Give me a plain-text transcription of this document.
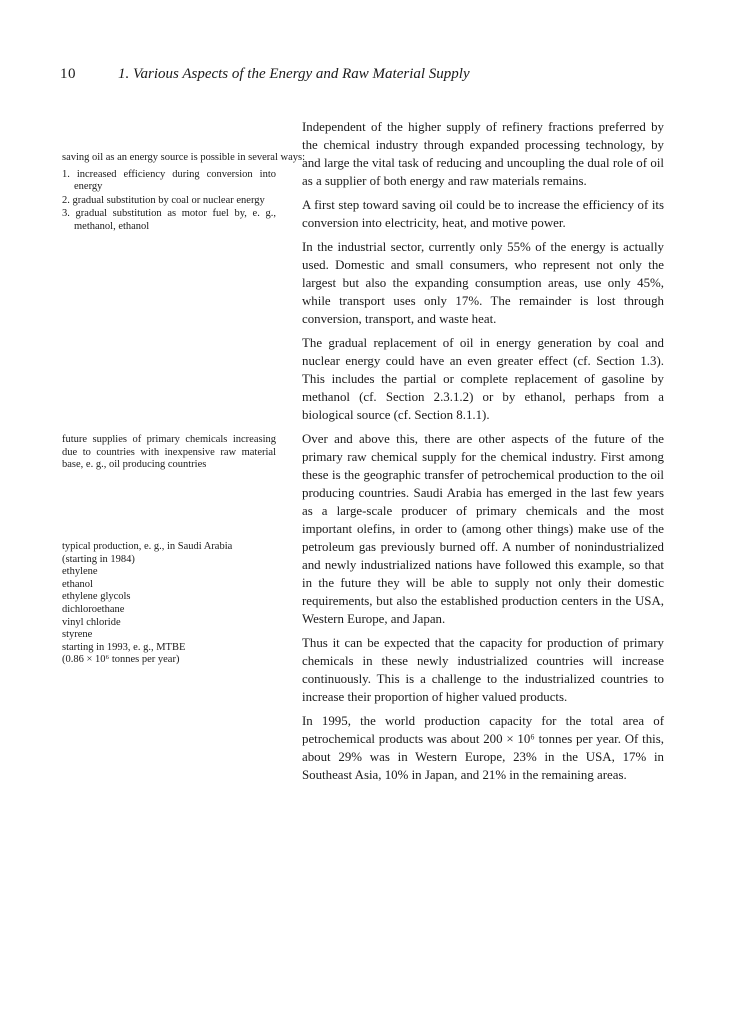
10	1. Various Aspects of the Energy and Raw Material Supply

saving oil as an energy source is possible in several ways:

1. increased efficiency during conversion into energy
2. gradual substitution by coal or nuclear energy
3. gradual substitution as motor fuel by, e. g., methanol, ethanol

future supplies of primary chemicals increasing due to countries with inexpensive raw material base, e. g., oil producing countries

typical production, e. g., in Saudi Arabia
(starting in 1984)
ethylene
ethanol
ethylene glycols
dichloroethane
vinyl chloride
styrene
starting in 1993, e. g., MTBE
(0.86 × 10⁶ tonnes per year)

Independent of the higher supply of refinery fractions preferred by the chemical industry through expanded processing technology, by and large the vital task of reducing and uncoupling the dual role of oil as a supplier of both energy and raw materials remains.

A first step toward saving oil could be to increase the efficiency of its conversion into electricity, heat, and motive power.

In the industrial sector, currently only 55% of the energy is actually used. Domestic and small consumers, who represent not only the largest but also the expanding consumption areas, use only 45%, while transport uses only 17%. The remainder is lost through conversion, transport, and waste heat.

The gradual replacement of oil in energy generation by coal and nuclear energy could have an even greater effect (cf. Section 1.3). This includes the partial or complete replacement of gasoline by methanol (cf. Section 2.3.1.2) or by ethanol, perhaps from a biological source (cf. Section 8.1.1).

Over and above this, there are other aspects of the future of the primary raw chemical supply for the chemical industry. First among these is the geographic transfer of petrochemical production to the oil producing countries. Saudi Arabia has emerged in the last few years as a large-scale producer of primary chemicals and the most important olefins, in order to (among other things) make use of the petroleum gas previously burned off. A number of nonindustrialized and newly industrialized nations have followed this example, so that in the future they will be able to supply not only their domestic requirements, but also the established production centers in the USA, Western Europe, and Japan.

Thus it can be expected that the capacity for production of primary chemicals in these newly industrialized countries will increase continuously. This is a challenge to the industrialized countries to increase their proportion of higher valued products.

In 1995, the world production capacity for the total area of petrochemical products was about 200 × 10⁶ tonnes per year. Of this, about 29% was in Western Europe, 23% in the USA, 17% in Southeast Asia, 10% in Japan, and 21% in the remaining areas.
